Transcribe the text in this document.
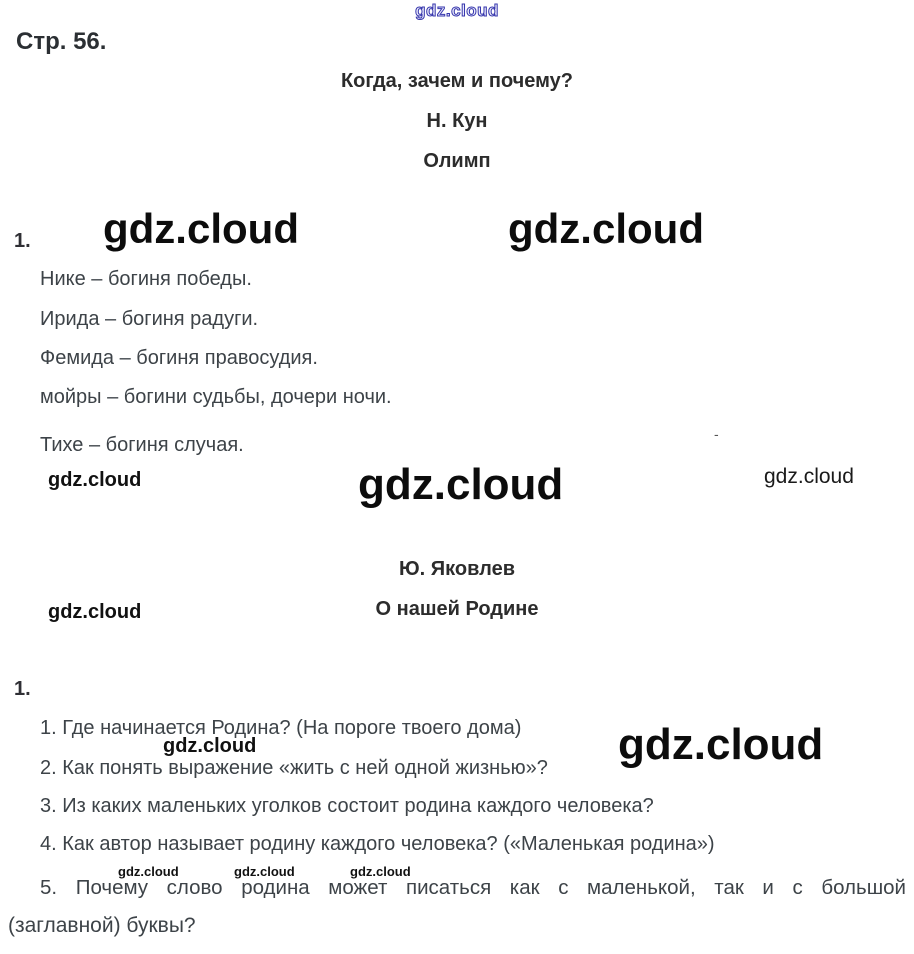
gdz.cloud
Стр. 56.
Когда, зачем и почему?
Н. Кун
Олимп
1. gdz.cloud	gdz.cloud
Нике – богиня победы.
Ирида – богиня радуги.
Фемида – богиня правосудия.
мойры – богини судьбы, дочери ночи.
Тихе – богиня случая.	-
gdz.cloud	gdz.cloud	gdz.cloud
Ю. Яковлев
О нашей Родине
gdz.cloud
1.
1. Где начинается Родина? (На пороге твоего дома)
gdz.cloud	gdz.cloud
2. Как понять выражение «жить с ней одной жизнью»?
3. Из каких маленьких уголков состоит родина каждого человека?
4. Как автор называет родину каждого человека? («Маленькая родина»)
gdz.cloud	gdz.cloud	gdz.cloud
5. Почему слово родина может писаться как с маленькой, так и с большой
(заглавной) буквы?
